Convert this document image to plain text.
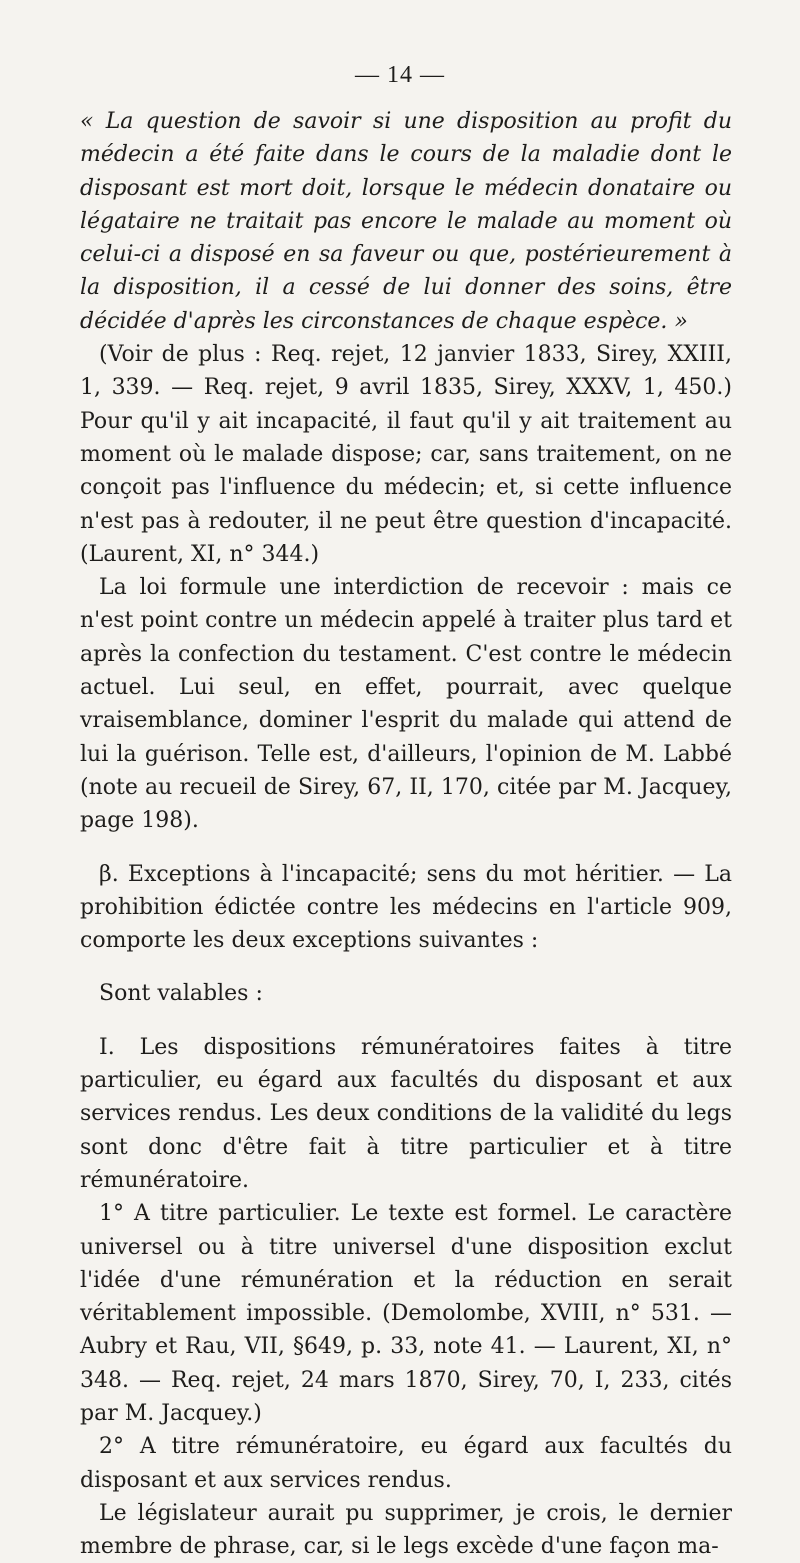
— 14 —

« La question de savoir si une disposition au profit du médecin a été faite dans le cours de la maladie dont le disposant est mort doit, lorsque le médecin donataire ou légataire ne traitait pas encore le malade au moment où celui-ci a disposé en sa faveur ou que, postérieurement à la disposition, il a cessé de lui donner des soins, être décidée d'après les circonstances de chaque espèce. »

(Voir de plus : Req. rejet, 12 janvier 1833, Sirey, XXIII, 1, 339. — Req. rejet, 9 avril 1835, Sirey, XXXV, 1, 450.) Pour qu'il y ait incapacité, il faut qu'il y ait traitement au moment où le malade dispose; car, sans traitement, on ne conçoit pas l'influence du médecin; et, si cette influence n'est pas à redouter, il ne peut être question d'incapacité. (Laurent, XI, n° 344.)

La loi formule une interdiction de recevoir : mais ce n'est point contre un médecin appelé à traiter plus tard et après la confection du testament. C'est contre le médecin actuel. Lui seul, en effet, pourrait, avec quelque vraisemblance, dominer l'esprit du malade qui attend de lui la guérison. Telle est, d'ailleurs, l'opinion de M. Labbé (note au recueil de Sirey, 67, II, 170, citée par M. Jacquey, page 198).

β. Exceptions à l'incapacité; sens du mot héritier. — La prohibition édictée contre les médecins en l'article 909, comporte les deux exceptions suivantes :

Sont valables :

I. Les dispositions rémunératoires faites à titre particulier, eu égard aux facultés du disposant et aux services rendus. Les deux conditions de la validité du legs sont donc d'être fait à titre particulier et à titre rémunératoire.

1° A titre particulier. Le texte est formel. Le caractère universel ou à titre universel d'une disposition exclut l'idée d'une rémunération et la réduction en serait véritablement impossible. (Demolombe, XVIII, n° 531. — Aubry et Rau, VII, §649, p. 33, note 41. — Laurent, XI, n° 348. — Req. rejet, 24 mars 1870, Sirey, 70, I, 233, cités par M. Jacquey.)

2° A titre rémunératoire, eu égard aux facultés du disposant et aux services rendus.

Le législateur aurait pu supprimer, je crois, le dernier membre de phrase, car, si le legs excède d'une façon ma-
